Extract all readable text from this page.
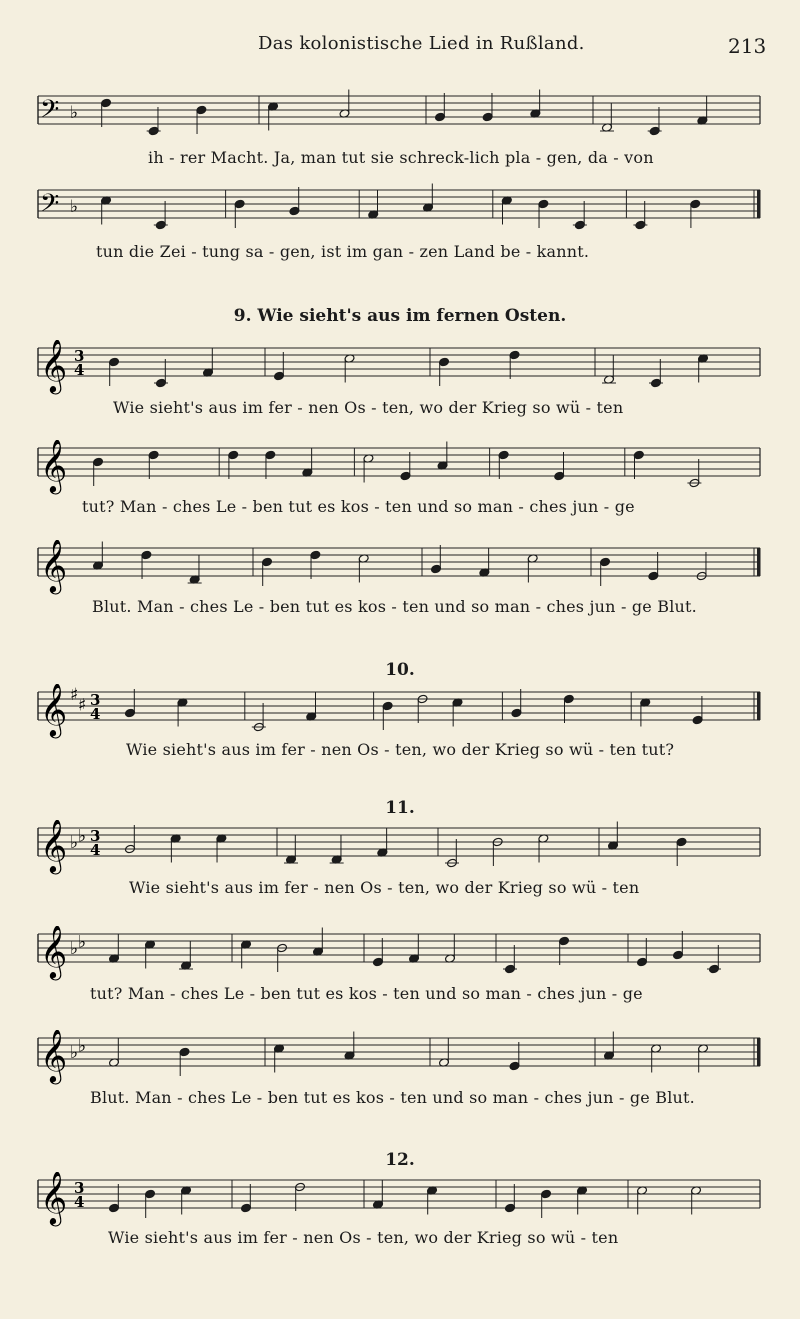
Das kolonistische Lied in Rußland.	213
𝄢 ♭
ih - rer Macht. Ja, man tut sie schreck-lich pla - gen, da - von
𝄢 ♭
tun die Zei - tung sa - gen, ist im gan - zen Land be - kannt.
9. Wie sieht's aus im fernen Osten.
𝄞 3
4
Wie sieht's aus im fer - nen Os - ten, wo der Krieg so wü - ten
𝄞
tut? Man - ches Le - ben tut es kos - ten und so man - ches jun - ge
𝄞
Blut. Man - ches Le - ben tut es kos - ten und so man - ches jun - ge Blut.
10.
𝄞 ♯
♯ 3
4
Wie sieht's aus im fer - nen Os - ten, wo der Krieg so wü - ten tut?
11.
𝄞 ♭ ♭ 3
4
Wie sieht's aus im fer - nen Os - ten, wo der Krieg so wü - ten
𝄞 ♭ ♭
tut? Man - ches Le - ben tut es kos - ten und so man - ches jun - ge
𝄞 ♭ ♭
Blut. Man - ches Le - ben tut es kos - ten und so man - ches jun - ge Blut.
12.
𝄞 3
4
Wie sieht's aus im fer - nen Os - ten, wo der Krieg so wü - ten
